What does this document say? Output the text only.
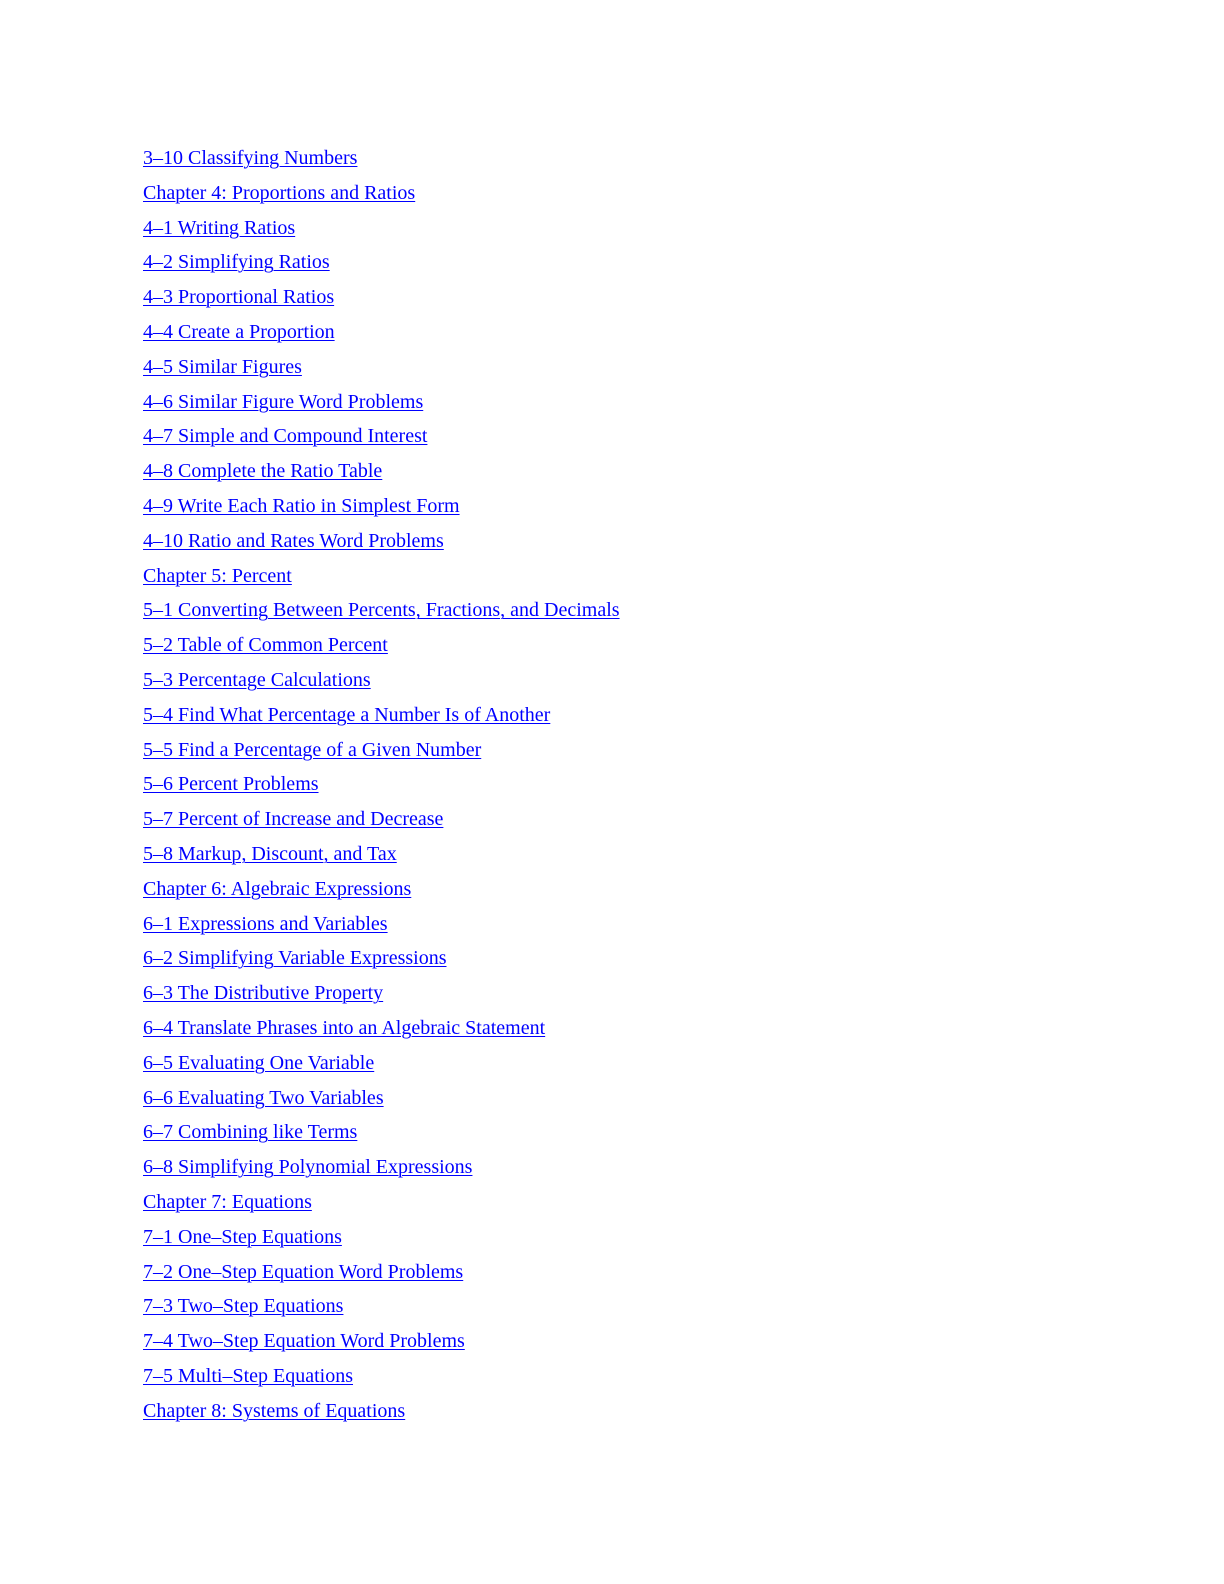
3–10 Classifying Numbers
Chapter 4: Proportions and Ratios
4–1 Writing Ratios
4–2 Simplifying Ratios
4–3 Proportional Ratios
4–4 Create a Proportion
4–5 Similar Figures
4–6 Similar Figure Word Problems
4–7 Simple and Compound Interest
4–8 Complete the Ratio Table
4–9 Write Each Ratio in Simplest Form
4–10 Ratio and Rates Word Problems
Chapter 5: Percent
5–1 Converting Between Percents, Fractions, and Decimals
5–2 Table of Common Percent
5–3 Percentage Calculations
5–4 Find What Percentage a Number Is of Another
5–5 Find a Percentage of a Given Number
5–6 Percent Problems
5–7 Percent of Increase and Decrease
5–8 Markup, Discount, and Tax
Chapter 6: Algebraic Expressions
6–1 Expressions and Variables
6–2 Simplifying Variable Expressions
6–3 The Distributive Property
6–4 Translate Phrases into an Algebraic Statement
6–5 Evaluating One Variable
6–6 Evaluating Two Variables
6–7 Combining like Terms
6–8 Simplifying Polynomial Expressions
Chapter 7: Equations
7–1 One–Step Equations
7–2 One–Step Equation Word Problems
7–3 Two–Step Equations
7–4 Two–Step Equation Word Problems
7–5 Multi–Step Equations
Chapter 8: Systems of Equations
